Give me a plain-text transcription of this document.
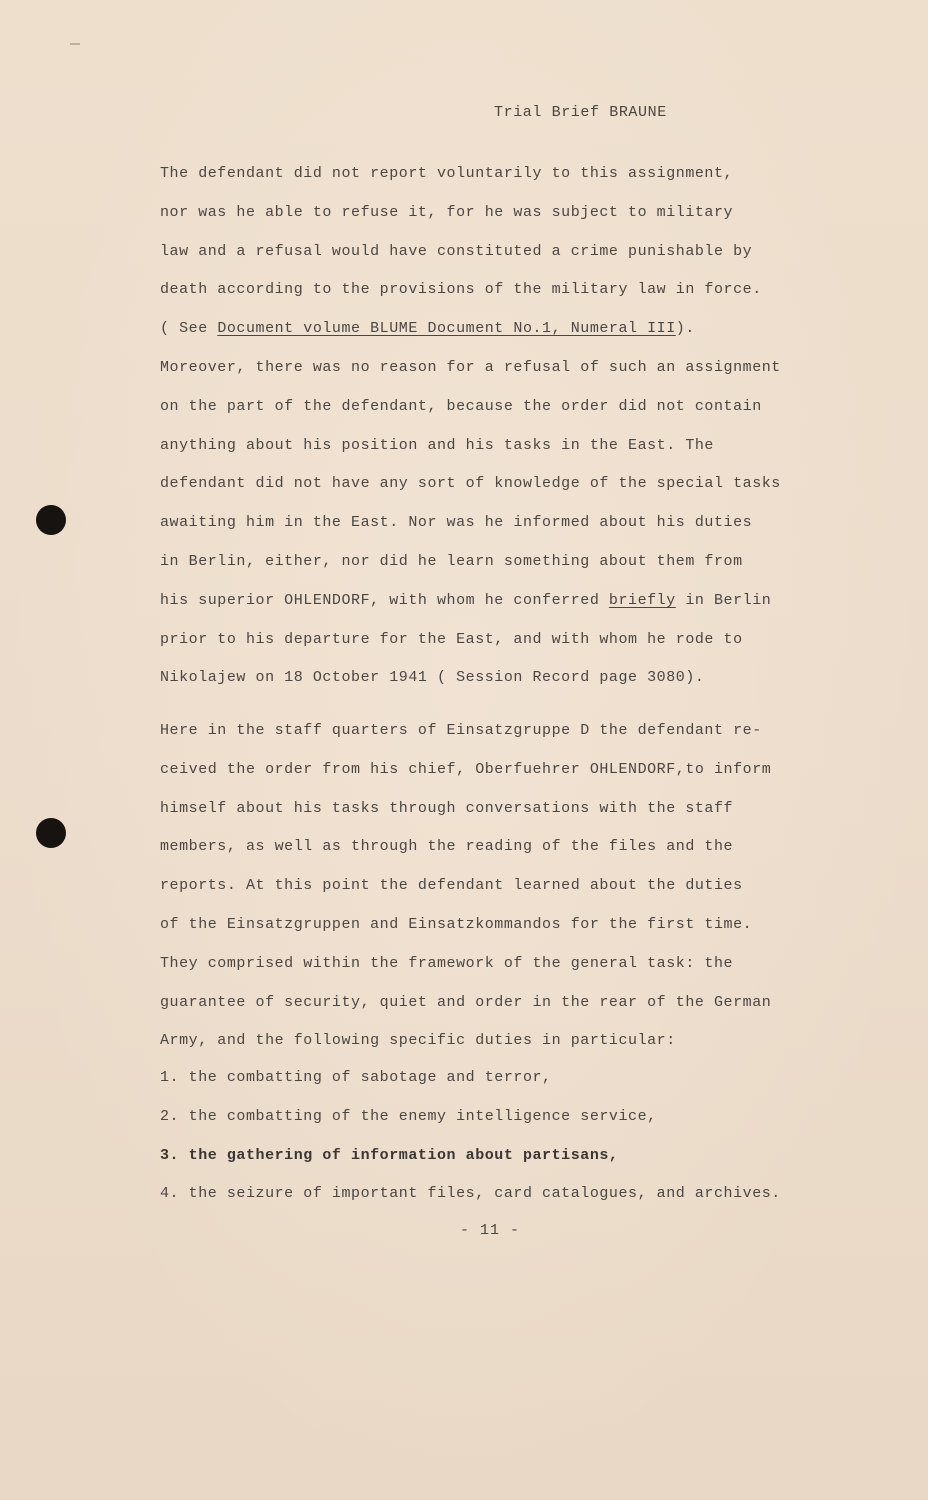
Trial Brief BRAUNE
The defendant did not report voluntarily to this assignment,
nor was he able to refuse it, for he was subject to military
law and a refusal would have constituted a crime punishable by
death according to the provisions of the military law in force.
( See Document volume BLUME Document No.1, Numeral III).
Moreover, there was no reason for a refusal of such an assignment
on the part of the defendant, because the order did not contain
anything about his position and his tasks in the East. The
defendant did not have any sort of knowledge of the special tasks
awaiting him in the East. Nor was he informed about his duties
in Berlin, either, nor did he learn something about them from
his superior OHLENDORF, with whom he conferred briefly in Berlin
prior to his departure for the East, and with whom he rode to
Nikolajew on 18 October 1941 ( Session Record page 3080).
Here in the staff quarters of Einsatzgruppe D the defendant re-
ceived the order from his chief, Oberfuehrer OHLENDORF,to inform
himself about his tasks through conversations with the staff
members, as well as through the reading of the files and the
reports. At this point the defendant learned about the duties
of the Einsatzgruppen and Einsatzkommandos for the first time.
They comprised within the framework of the general task: the
guarantee of security, quiet and order in the rear of the German
Army, and the following specific duties in particular:
1. the combatting of sabotage and terror,
2. the combatting of the enemy intelligence service,
3. the gathering of information about partisans,
4. the seizure of important files, card catalogues, and archives.
- 11 -
